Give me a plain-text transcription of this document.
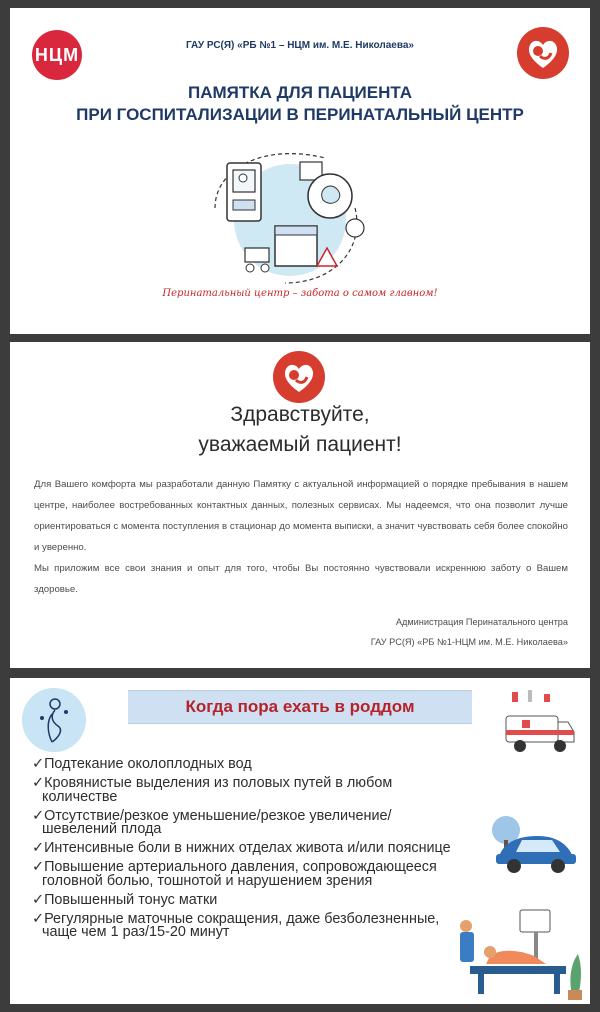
НЦМ	ГАУ РС(Я) «РБ №1 – НЦМ им. М.Е. Николаева»
ПАМЯТКА ДЛЯ ПАЦИЕНТА
ПРИ ГОСПИТАЛИЗАЦИИ В ПЕРИНАТАЛЬНЫЙ ЦЕНТР
Перинатальный центр – забота о самом главном!
Здравствуйте,
уважаемый пациент!

Для Вашего комфорта мы разработали данную Памятку с актуальной информацией о порядке пребывания в нашем центре, наиболее востребованных контактных данных, полезных сервисах. Мы надеемся, что она позволит лучше ориентироваться с момента поступления в стационар до момента выписки, а значит чувствовать себя более спокойно и уверенно.

Мы приложим все свои знания и опыт для того, чтобы Вы постоянно чувствовали искреннюю заботу о Вашем здоровье.

Администрация Перинатального центра
ГАУ РС(Я) «РБ №1-НЦМ им. М.Е. Николаева»
Когда пора ехать в роддом
✓Подтекание околоплодных вод
✓Кровянистые выделения из половых путей в любом количестве
✓Отсутствие/резкое уменьшение/резкое увеличение/ шевелений плода
✓Интенсивные боли в нижних отделах живота и/или пояснице
✓Повышение артериального давления, сопровождающееся головной болью, тошнотой и нарушением зрения
✓Повышенный тонус матки
✓Регулярные маточные сокращения, даже безболезненные, чаще чем 1 раз/15-20 минут
